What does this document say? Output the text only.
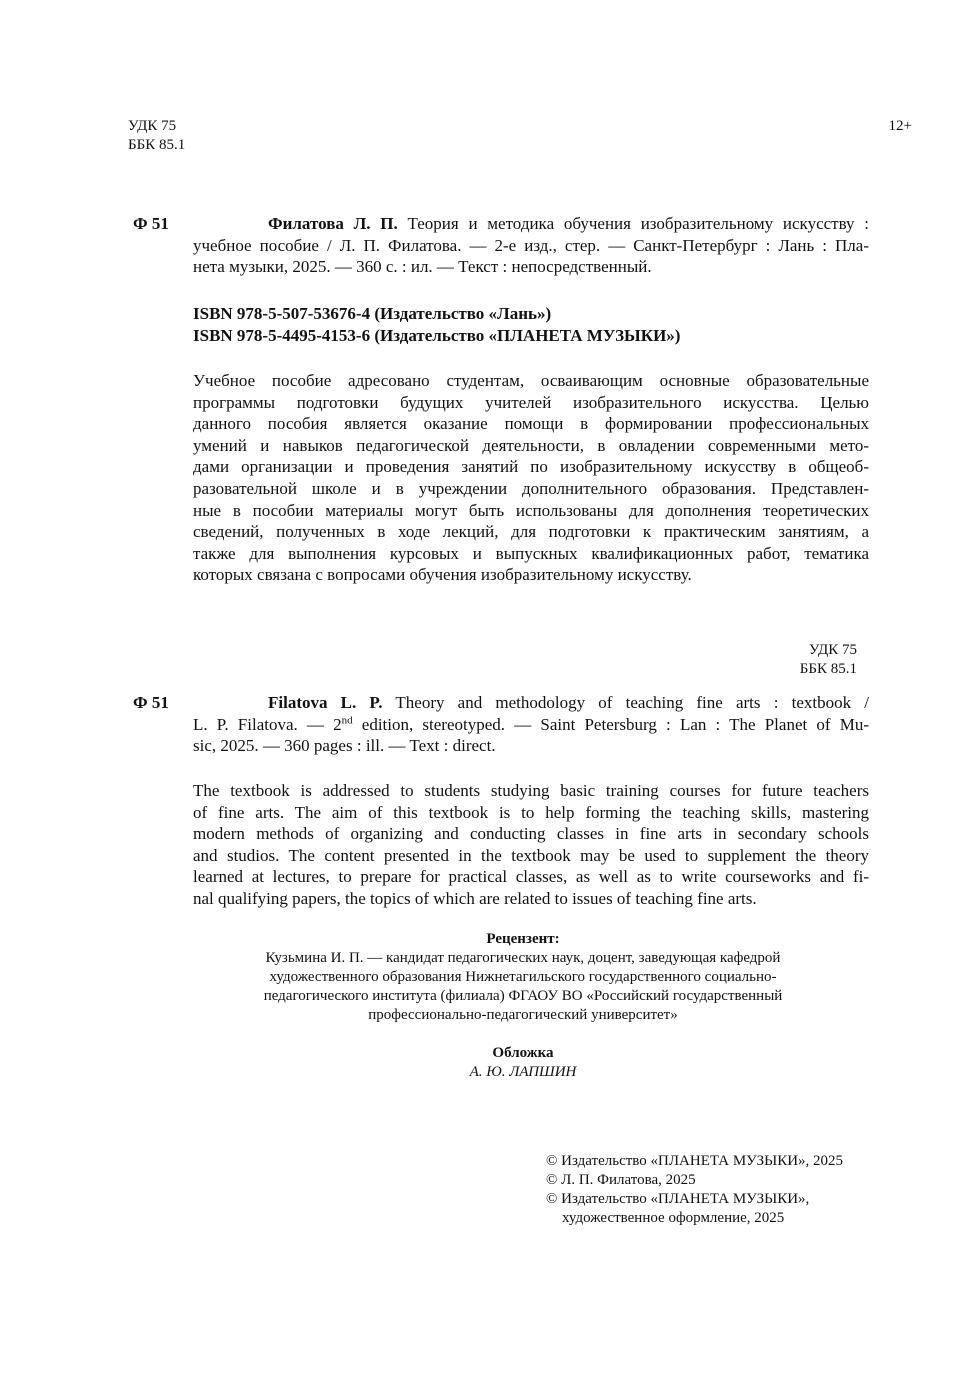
УДК 75
ББК 85.1
12+
Ф 51	Филатова Л. П. Теория и методика обучения изобразительному искусству :
учебное пособие / Л. П. Филатова. — 2-е изд., стер. — Санкт-Петербург : Лань : Пла-
нета музыки, 2025. — 360 с. : ил. — Текст : непосредственный.
ISBN 978-5-507-53676-4 (Издательство «Лань»)
ISBN 978-5-4495-4153-6 (Издательство «ПЛАНЕТА МУЗЫКИ»)
Учебное пособие адресовано студентам, осваивающим основные образовательные
программы подготовки будущих учителей изобразительного искусства. Целью
данного пособия является оказание помощи в формировании профессиональных
умений и навыков педагогической деятельности, в овладении современными мето-
дами организации и проведения занятий по изобразительному искусству в общеоб-
разовательной школе и в учреждении дополнительного образования. Представлен-
ные в пособии материалы могут быть использованы для дополнения теоретических
сведений, полученных в ходе лекций, для подготовки к практическим занятиям, а
также для выполнения курсовых и выпускных квалификационных работ, тематика
которых связана с вопросами обучения изобразительному искусству.
УДК 75
ББК 85.1
Ф 51	Filatova L. P. Theory and methodology of teaching fine arts : textbook /
L. P. Filatova. — 2nd edition, stereotyped. — Saint Petersburg : Lan : The Planet of Mu-
sic, 2025. — 360 pages : ill. — Text : direct.
The textbook is addressed to students studying basic training courses for future teachers
of fine arts. The aim of this textbook is to help forming the teaching skills, mastering
modern methods of organizing and conducting classes in fine arts in secondary schools
and studios. The content presented in the textbook may be used to supplement the theory
learned at lectures, to prepare for practical classes, as well as to write courseworks and fi-
nal qualifying papers, the topics of which are related to issues of teaching fine arts.
Рецензент:
Кузьмина И. П. — кандидат педагогических наук, доцент, заведующая кафедрой
художественного образования Нижнетагильского государственного социально-
педагогического института (филиала) ФГАОУ ВО «Российский государственный
профессионально-педагогический университет»
Обложка
А. Ю. ЛАПШИН
© Издательство «ПЛАНЕТА МУЗЫКИ», 2025
© Л. П. Филатова, 2025
© Издательство «ПЛАНЕТА МУЗЫКИ»,
художественное оформление, 2025
